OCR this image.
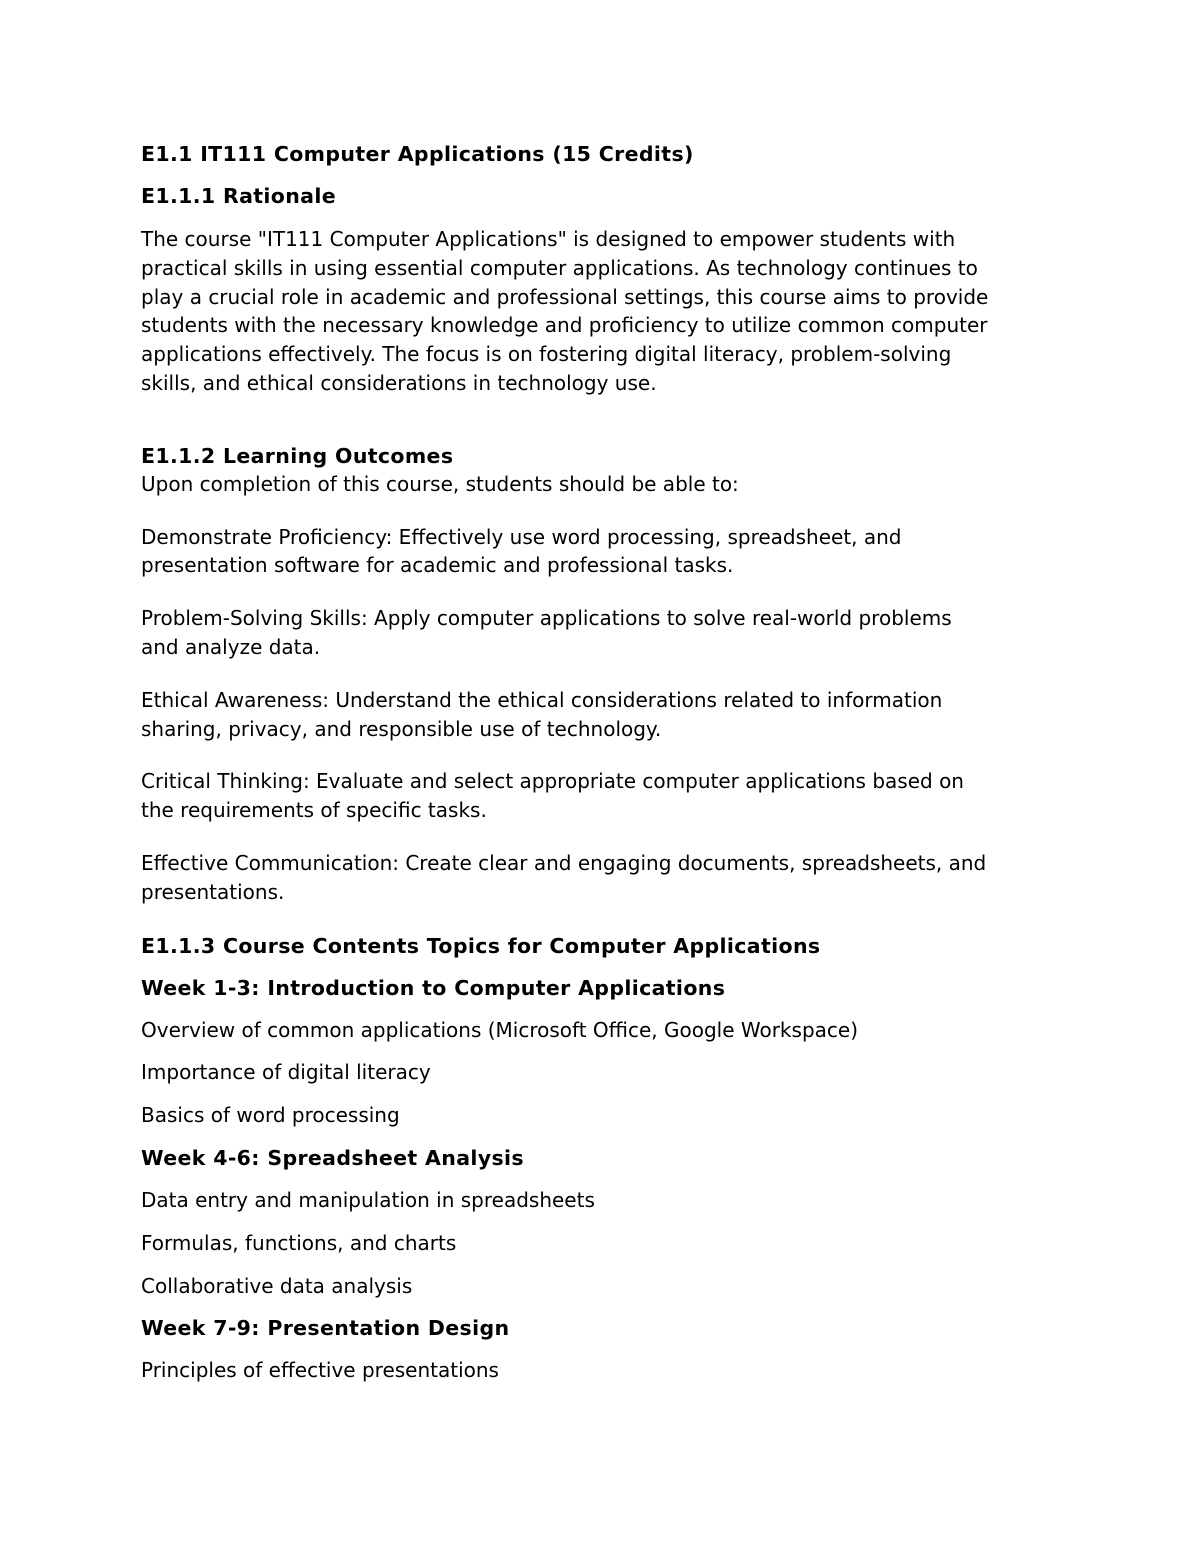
E1.1 IT111 Computer Applications (15 Credits)
E1.1.1 Rationale
The course "IT111 Computer Applications" is designed to empower students with
practical skills in using essential computer applications. As technology continues to
play a crucial role in academic and professional settings, this course aims to provide
students with the necessary knowledge and proficiency to utilize common computer
applications effectively. The focus is on fostering digital literacy, problem-solving
skills, and ethical considerations in technology use.
E1.1.2 Learning Outcomes
Upon completion of this course, students should be able to:
Demonstrate Proficiency: Effectively use word processing, spreadsheet, and
presentation software for academic and professional tasks.
Problem-Solving Skills: Apply computer applications to solve real-world problems
and analyze data.
Ethical Awareness: Understand the ethical considerations related to information
sharing, privacy, and responsible use of technology.
Critical Thinking: Evaluate and select appropriate computer applications based on
the requirements of specific tasks.
Effective Communication: Create clear and engaging documents, spreadsheets, and
presentations.
E1.1.3 Course Contents Topics for Computer Applications
Week 1-3: Introduction to Computer Applications
Overview of common applications (Microsoft Office, Google Workspace)
Importance of digital literacy
Basics of word processing
Week 4-6: Spreadsheet Analysis
Data entry and manipulation in spreadsheets
Formulas, functions, and charts
Collaborative data analysis
Week 7-9: Presentation Design
Principles of effective presentations
